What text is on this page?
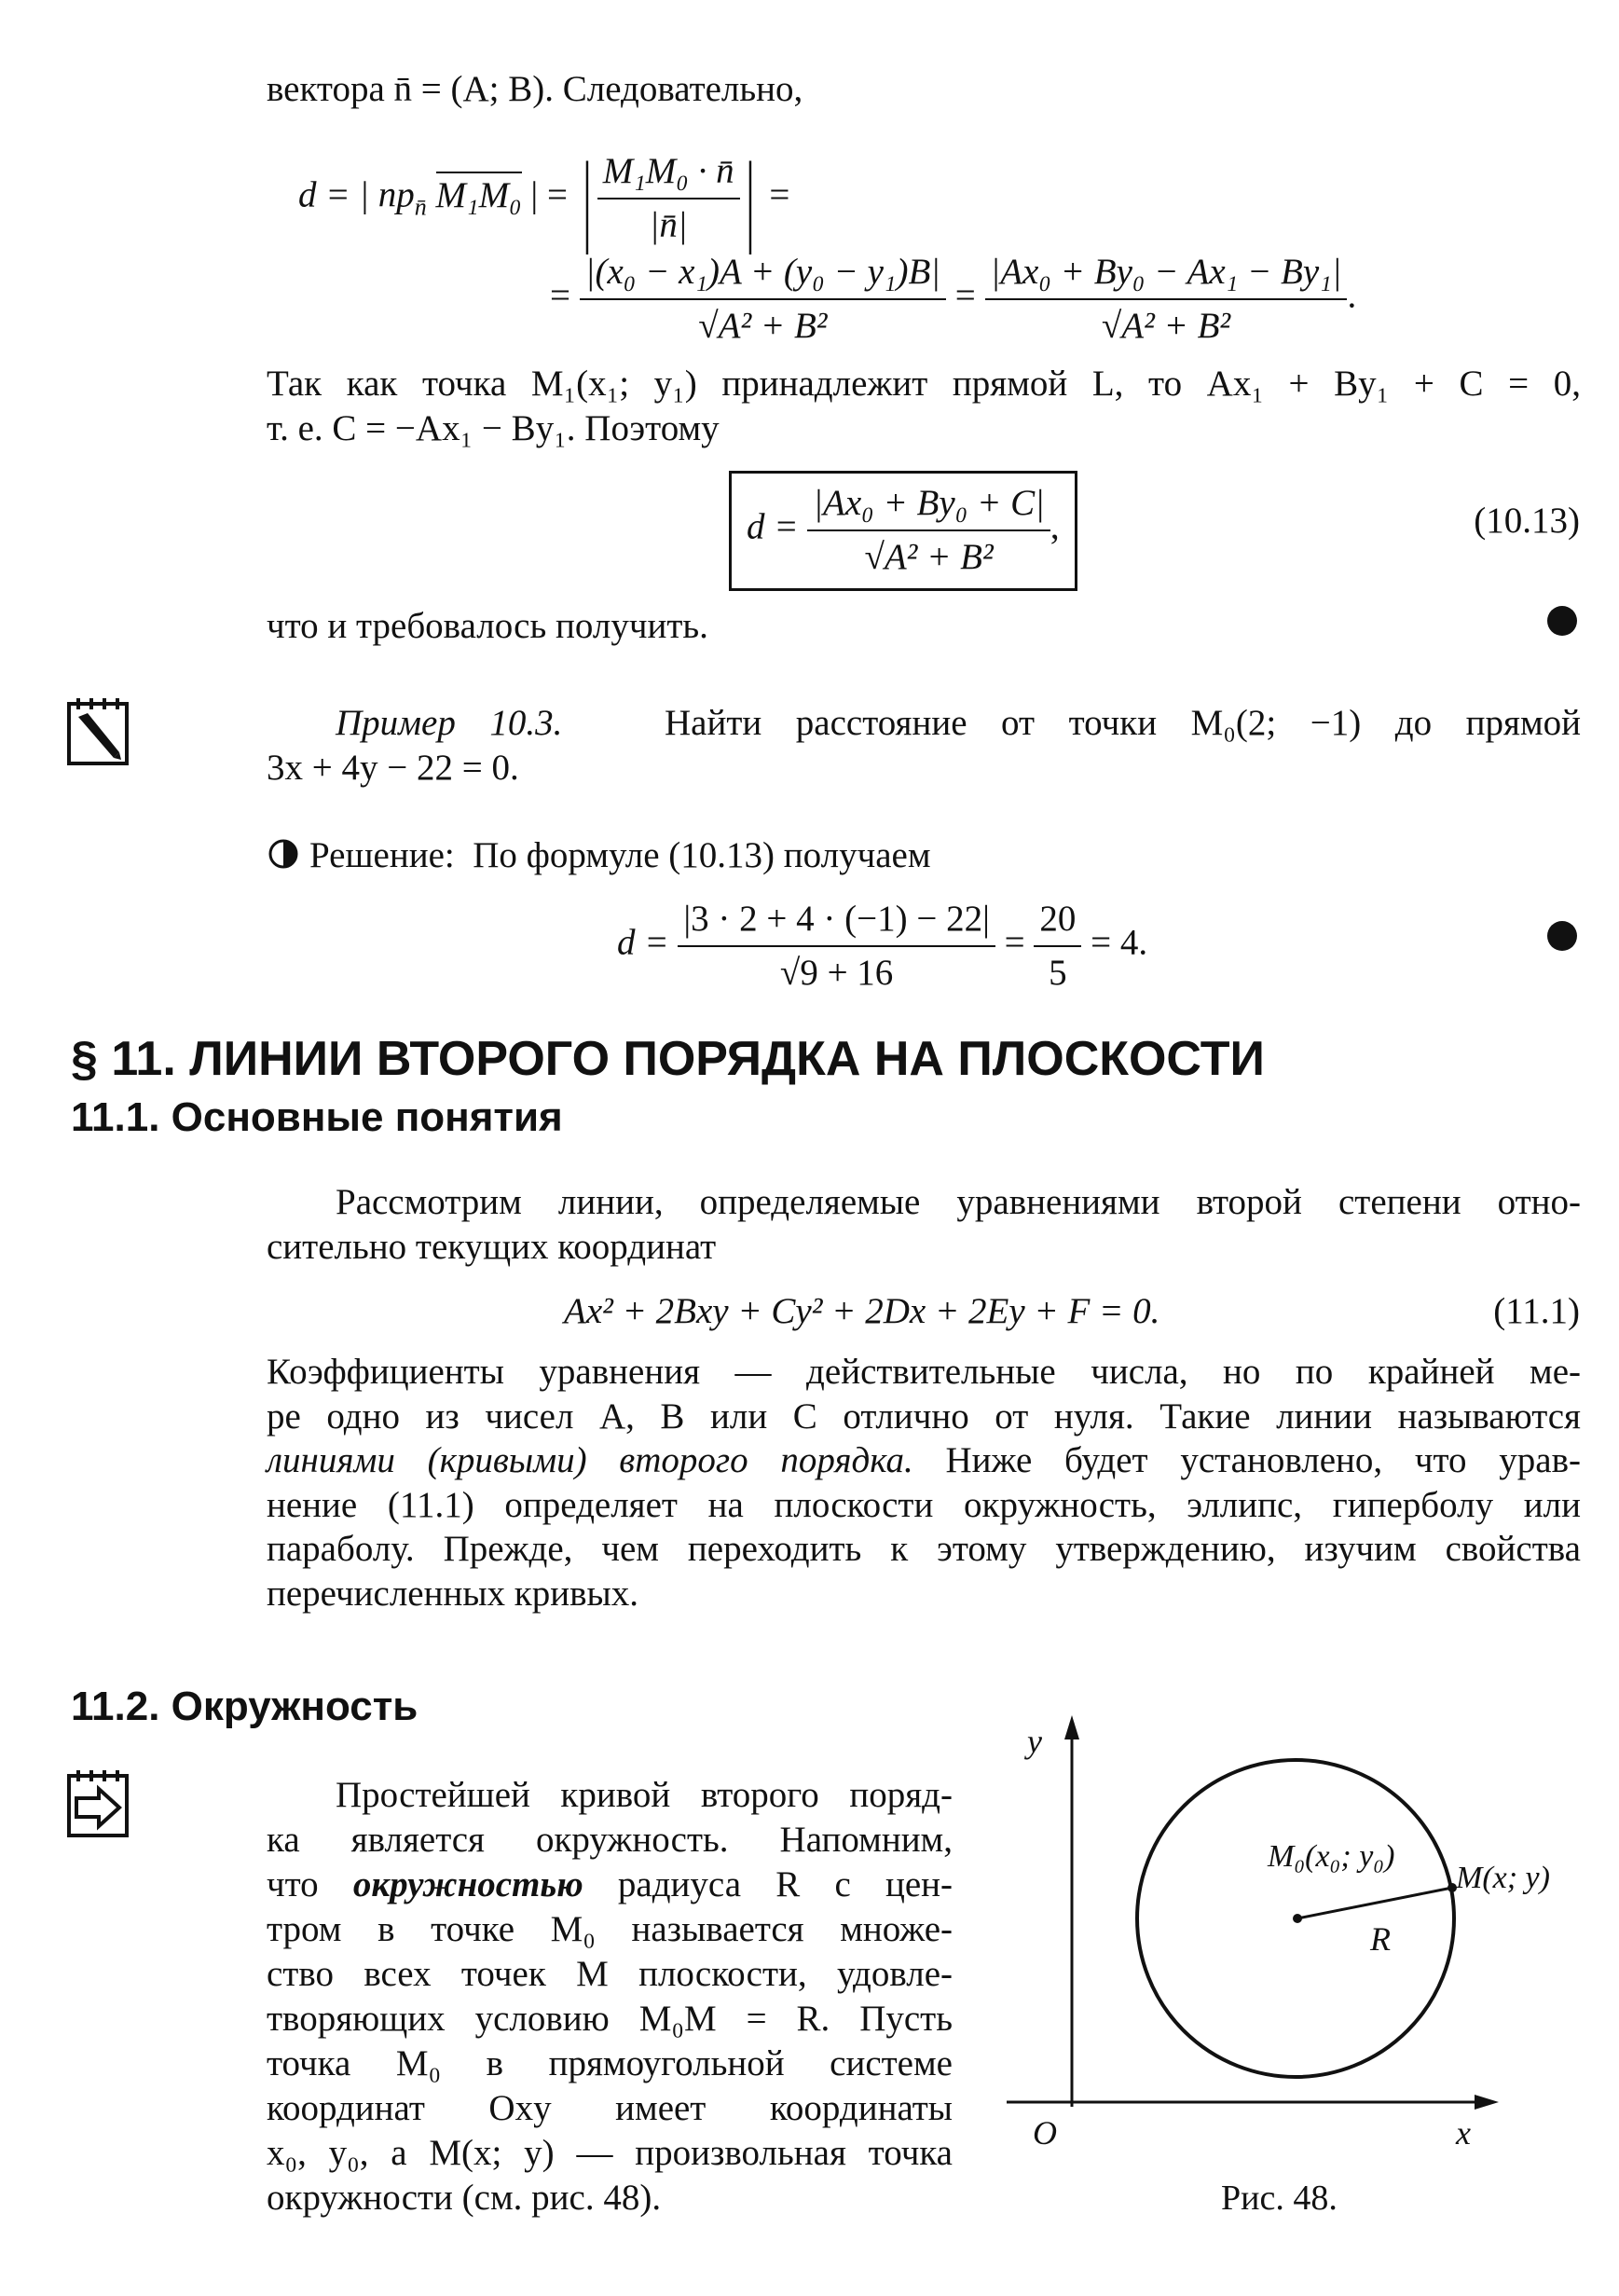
вектора n̄ = (A; B). Следовательно,
d = | $пр_{n̄}$ M₁M₀ | = | $\frac{\text{M₁M₀ · n̄}}{|n̄|}$ | =
= $\frac{\text{|(x₀ − x₁)A + (y₀ − y₁)B|}}{\text{√A² + B²}} = \frac{\text{|Ax₀ + By₀ − Ax₁ − By₁|}}{\text{√A² + B²}}$ .
Так как точка M₁(x₁; y₁) принадлежит прямой L, то Ax₁ + By₁ + C = 0,
т. е. C = −Ax₁ − By₁. Поэтому
$d = \frac{\text{|Ax₀ + By₀ + C|}}{\text{√A² + B²}}$ ,	(10.13)
что и требовалось получить.
Пример 10.3.	Найти расстояние от точки M₀(2; −1) до прямой
3x + 4y − 22 = 0.
Решение: По формуле (10.13) получаем
$d = \frac{|3 \cdot 2 + 4 \cdot (-1) - 22|}{√9 + 16} = \frac{20}{5} = 4$.
§ 11. ЛИНИИ ВТОРОГО ПОРЯДКА НА ПЛОСКОСТИ
11.1. Основные понятия
Рассмотрим линии, определяемые уравнениями второй степени отно-
сительно текущих координат
Ax² + 2Bxy + Cy² + 2Dx + 2Ey + F = 0.	(11.1)
Коэффициенты уравнения — действительные числа, но по крайней ме-
ре одно из чисел A, B или C отлично от нуля. Такие линии называются
линиями (кривыми) второго порядка. Ниже будет установлено, что урав-
нение (11.1) определяет на плоскости окружность, эллипс, гиперболу или
параболу. Прежде, чем переходить к этому утверждению, изучим свойства
перечисленных кривых.
11.2. Окружность
Простейшей кривой второго поряд-
ка является окружность. Напомним,
что окружностью радиуса R с цен-
тром в точке M₀ называется множе-
ство всех точек M плоскости, удовле-
творяющих условию M₀M = R. Пусть
точка M₀ в прямоугольной системе
координат Oxy имеет координаты
x₀, y₀, а M(x; y) — произвольная точка
окружности (см. рис. 48).
y
x
O
M₀(x₀; y₀)
M(x; y)
R
Рис. 48.
